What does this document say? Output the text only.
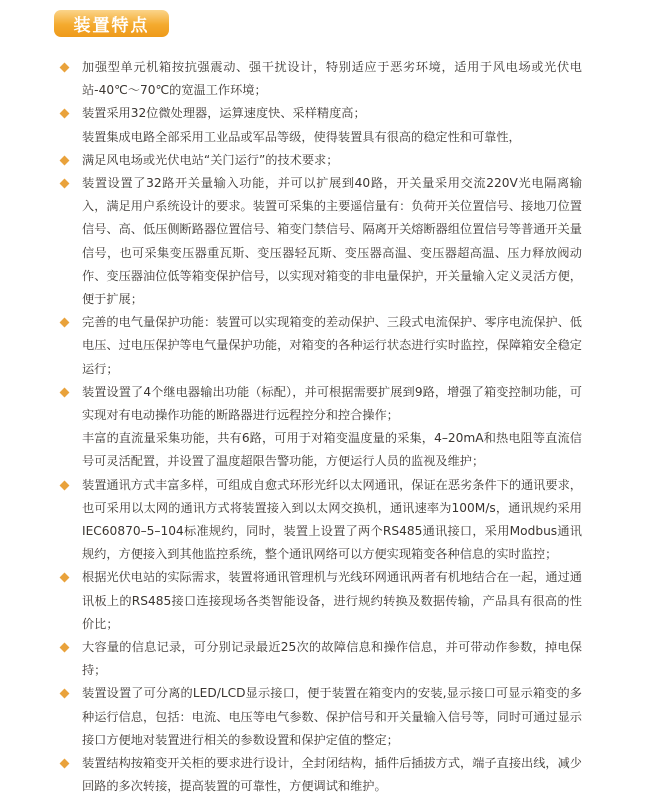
装置特点
加强型单元机箱按抗强震动、强干扰设计，特别适应于恶劣环境，适用于风电场或光伏电站-40℃～70℃的宽温工作环境；
装置采用32位微处理器，运算速度快、采样精度高；
装置集成电路全部采用工业品或军品等级，使得装置具有很高的稳定性和可靠性，
满足风电场或光伏电站“关门运行”的技术要求；
装置设置了32路开关量输入功能，并可以扩展到40路，开关量采用交流220V光电隔离输入，满足用户系统设计的要求。装置可采集的主要遥信量有：负荷开关位置信号、接地刀位置信号、高、低压侧断路器位置信号、箱变门禁信号、隔离开关熔断器组位置信号等普通开关量信号，也可采集变压器重瓦斯、变压器轻瓦斯、变压器高温、变压器超高温、压力释放阀动作、变压器油位低等箱变保护信号，以实现对箱变的非电量保护，开关量输入定义灵活方便，便于扩展；
完善的电气量保护功能：装置可以实现箱变的差动保护、三段式电流保护、零序电流保护、低电压、过电压保护等电气量保护功能，对箱变的各种运行状态进行实时监控，保障箱安全稳定运行；
装置设置了4个继电器输出功能（标配），并可根据需要扩展到9路，增强了箱变控制功能，可实现对有电动操作功能的断路器进行远程控分和控合操作；
丰富的直流量采集功能，共有6路，可用于对箱变温度量的采集，4–20mA和热电阻等直流信号可灵活配置，并设置了温度超限告警功能，方便运行人员的监视及维护；
装置通讯方式丰富多样，可组成自愈式环形光纤以太网通讯，保证在恶劣条件下的通讯要求，也可采用以太网的通讯方式将装置接入到以太网交换机，通讯速率为100M/s，通讯规约采用IEC60870–5–104标准规约，同时，装置上设置了两个RS485通讯接口，采用Modbus通讯规约，方便接入到其他监控系统，整个通讯网络可以方便实现箱变各种信息的实时监控；
根据光伏电站的实际需求，装置将通讯管理机与光线环网通讯两者有机地结合在一起，通过通讯板上的RS485接口连接现场各类智能设备，进行规约转换及数据传输，产品具有很高的性价比；
大容量的信息记录，可分别记录最近25次的故障信息和操作信息，并可带动作参数，掉电保持；
装置设置了可分离的LED/LCD显示接口，便于装置在箱变内的安装,显示接口可显示箱变的多种运行信息，包括：电流、电压等电气参数、保护信号和开关量输入信号等，同时可通过显示接口方便地对装置进行相关的参数设置和保护定值的整定；
装置结构按箱变开关柜的要求进行设计，全封闭结构，插件后插拔方式，端子直接出线，减少回路的多次转接，提高装置的可靠性，方便调试和维护。
